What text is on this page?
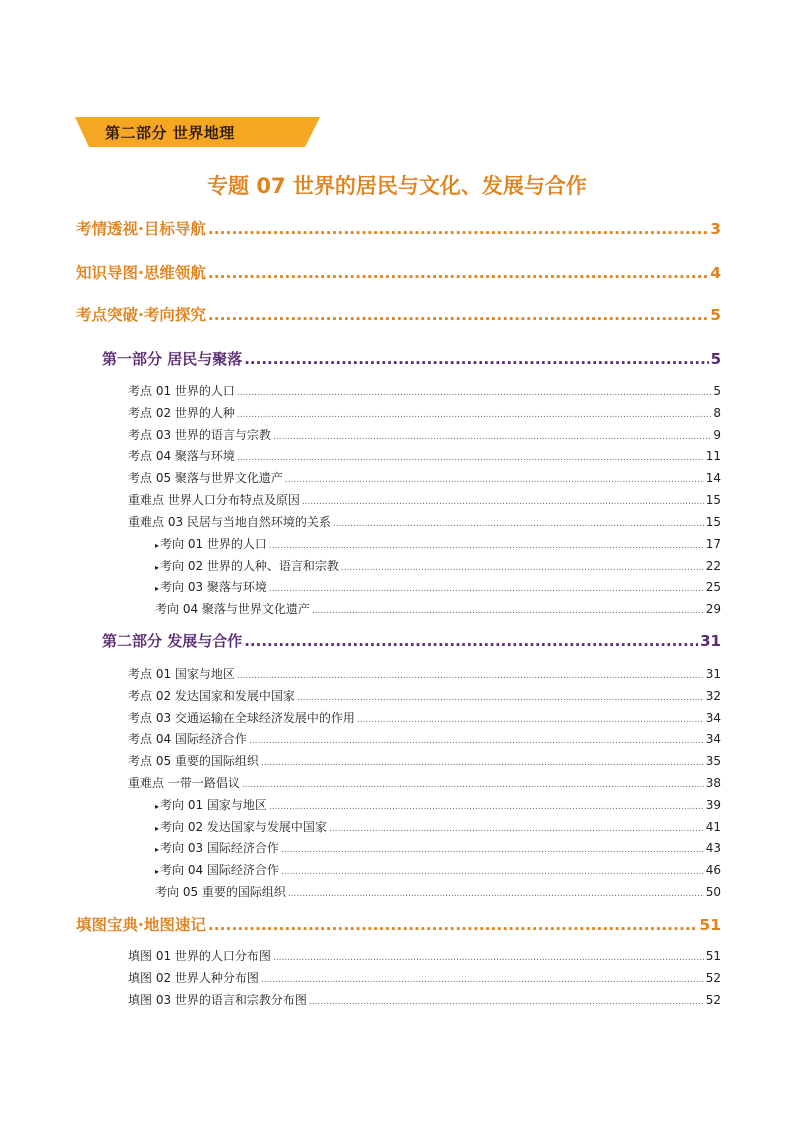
第二部分 世界地理
专题 07 世界的居民与文化、发展与合作
考情透视·目标导航 .....	3
知识导图·思维领航 .....	4
考点突破·考向探究 .....	5
第一部分 居民与聚落 .....	5
考点 01 世界的人口 .....	5
考点 02 世界的人种 .....	8
考点 03 世界的语言与宗教 .....	9
考点 04 聚落与环境 .....	11
考点 05 聚落与世界文化遗产 .....	14
重难点 世界人口分布特点及原因 .....	15
重难点 03 民居与当地自然环境的关系 .....	15
▸ 考向 01 世界的人口 .....	17
▸ 考向 02 世界的人种、语言和宗教 .....	22
▸ 考向 03 聚落与环境 .....	25
考向 04 聚落与世界文化遗产 .....	29
第二部分 发展与合作 .....	31
考点 01 国家与地区 .....	31
考点 02 发达国家和发展中国家 .....	32
考点 03 交通运输在全球经济发展中的作用 .....	34
考点 04 国际经济合作 .....	34
考点 05 重要的国际组织 .....	35
重难点 一带一路倡议 .....	38
▸ 考向 01 国家与地区 .....	39
▸ 考向 02 发达国家与发展中国家 .....	41
▸ 考向 03 国际经济合作 .....	43
▸ 考向 04 国际经济合作 .....	46
考向 05 重要的国际组织 .....	50
填图宝典·地图速记 .....	51
填图 01 世界的人口分布图 .....	51
填图 02 世界人种分布图 .....	52
填图 03 世界的语言和宗教分布图 .....	52
